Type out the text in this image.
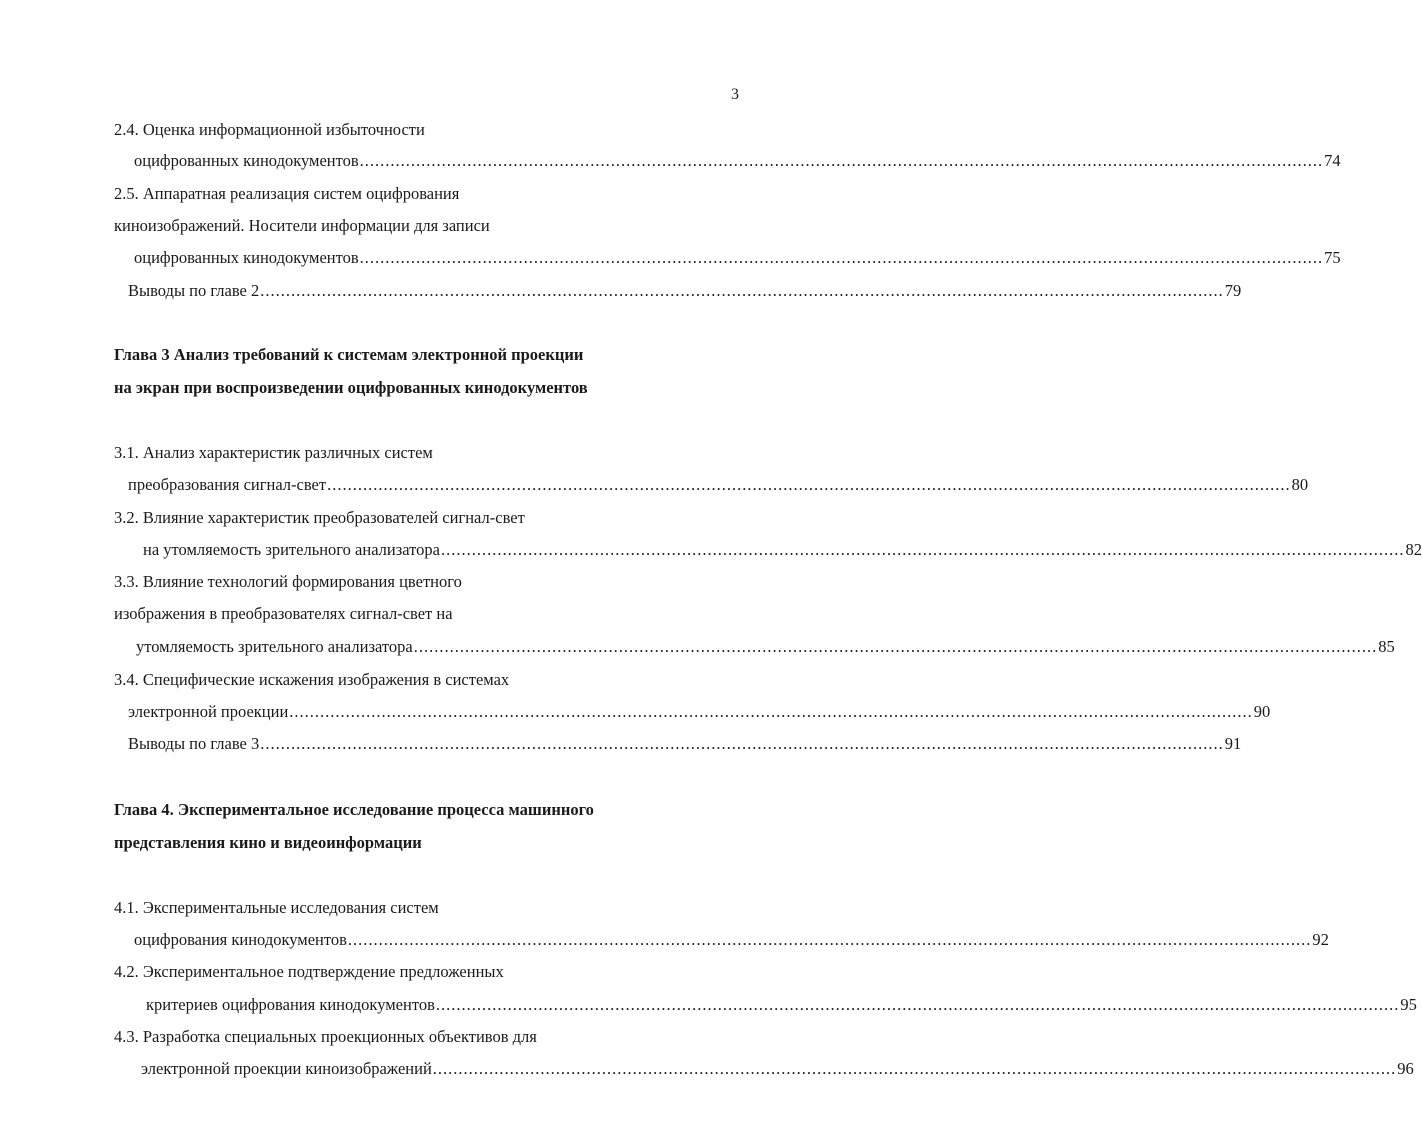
3
2.4. Оценка информационной избыточности
оцифрованных кинодокументов ............................................................................................................................................................................................ 74
2.5. Аппаратная реализация систем оцифрования
киноизображений. Носители информации для записи
оцифрованных кинодокументов ............................................................................................................................................................................................ 75
Выводы по главе 2 ............................................................................................................................................................................................ 79
Глава 3 Анализ требований к системам электронной проекции
на экран при воспроизведении оцифрованных кинодокументов
3.1. Анализ характеристик различных систем
преобразования сигнал-свет ............................................................................................................................................................................................ 80
3.2. Влияние характеристик преобразователей сигнал-свет
на утомляемость зрительного анализатора ............................................................................................................................................................................................ 82
3.3. Влияние технологий формирования цветного
изображения в преобразователях сигнал-свет на
утомляемость зрительного анализатора ............................................................................................................................................................................................ 85
3.4. Специфические искажения изображения в системах
электронной проекции ............................................................................................................................................................................................ 90
Выводы по главе 3 ............................................................................................................................................................................................ 91
Глава 4. Экспериментальное исследование процесса машинного
представления кино и видеоинформации
4.1. Экспериментальные исследования систем
оцифрования кинодокументов ............................................................................................................................................................................................ 92
4.2. Экспериментальное подтверждение предложенных
критериев оцифрования кинодокументов ............................................................................................................................................................................................ 95
4.3. Разработка специальных проекционных объективов для
электронной проекции киноизображений ............................................................................................................................................................................................ 96
